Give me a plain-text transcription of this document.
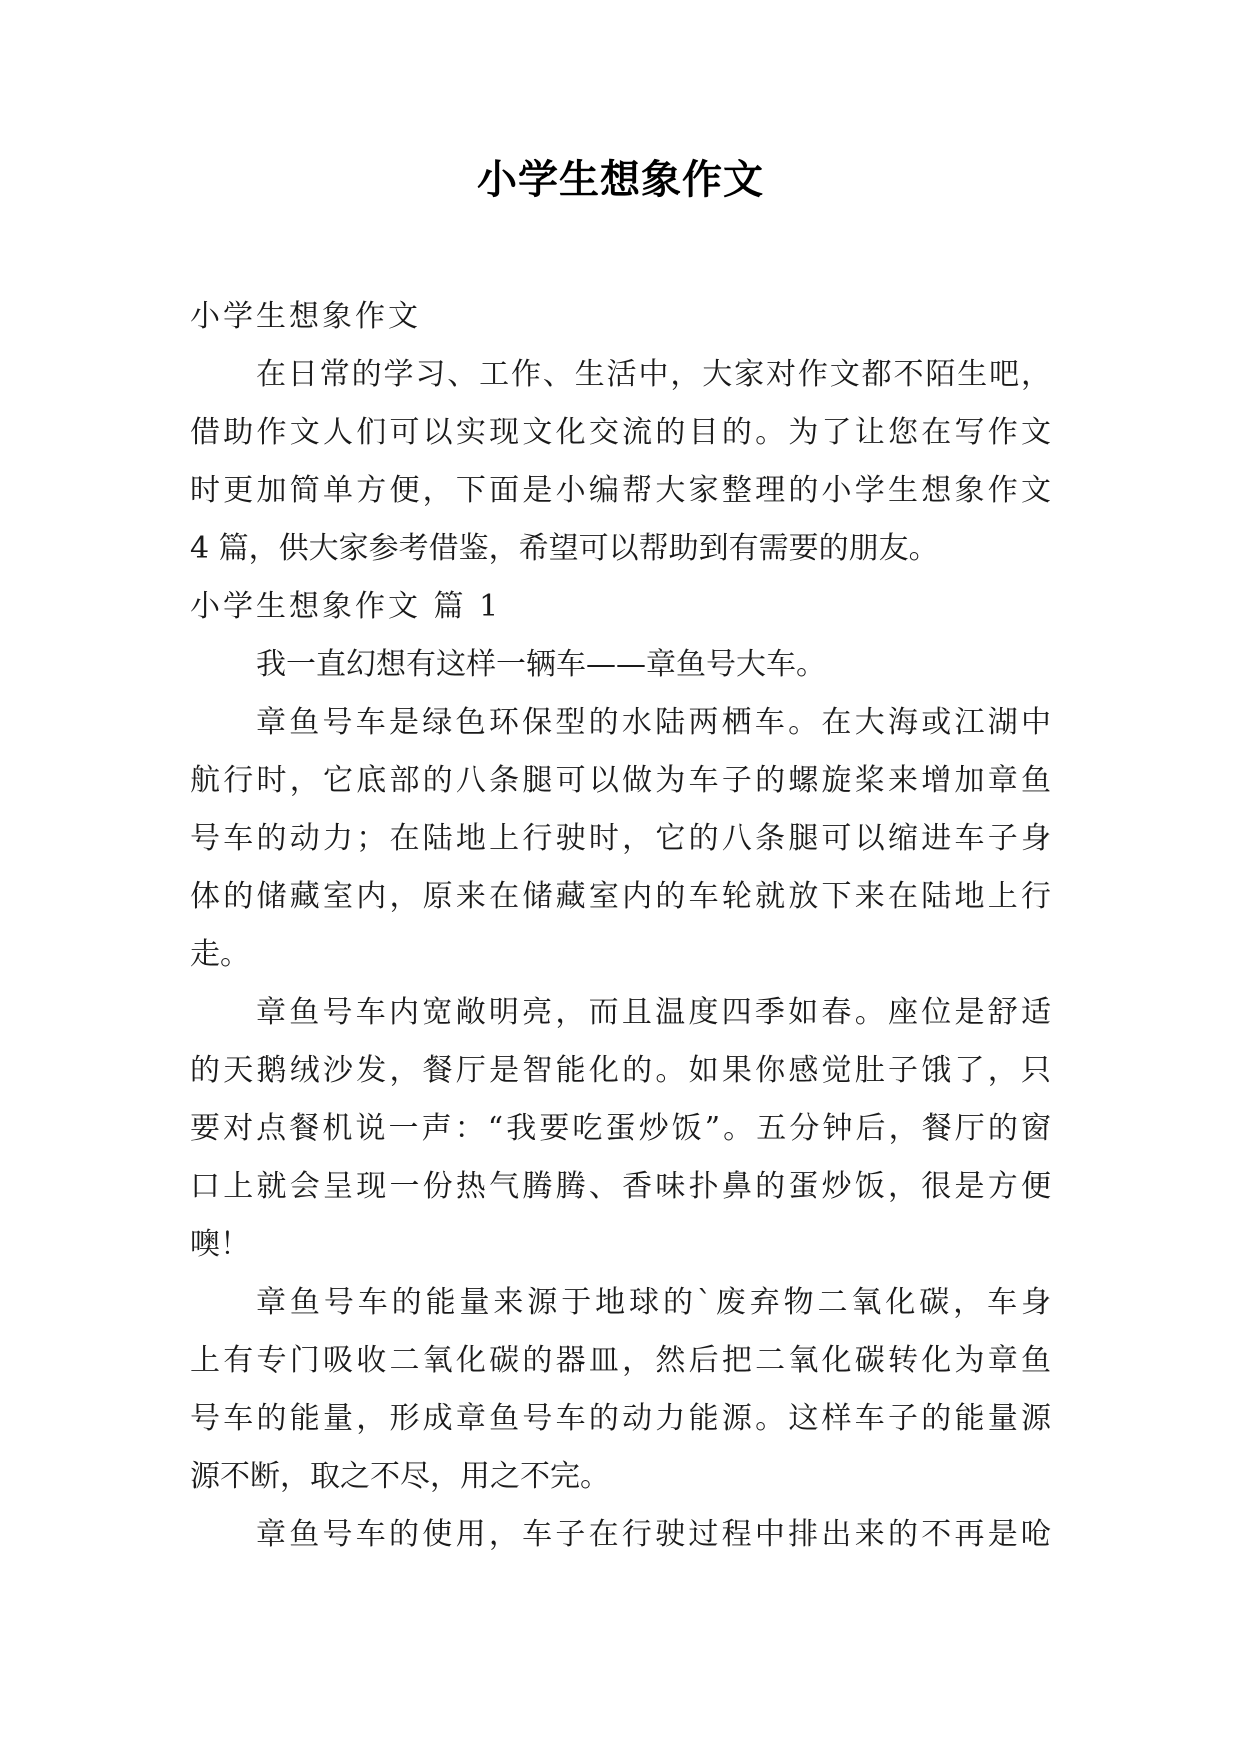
小学生想象作文
小学生想象作文
在日常的学习、工作、生活中，大家对作文都不陌生吧，
借助作文人们可以实现文化交流的目的。为了让您在写作文
时更加简单方便，下面是小编帮大家整理的小学生想象作文
4 篇，供大家参考借鉴，希望可以帮助到有需要的朋友。
小学生想象作文 篇 1
我一直幻想有这样一辆车——章鱼号大车。
章鱼号车是绿色环保型的水陆两栖车。在大海或江湖中
航行时，它底部的八条腿可以做为车子的螺旋桨来增加章鱼
号车的动力；在陆地上行驶时，它的八条腿可以缩进车子身
体的储藏室内，原来在储藏室内的车轮就放下来在陆地上行
走。
章鱼号车内宽敞明亮，而且温度四季如春。座位是舒适
的天鹅绒沙发，餐厅是智能化的。如果你感觉肚子饿了，只
要对点餐机说一声：“我要吃蛋炒饭”。五分钟后，餐厅的窗
口上就会呈现一份热气腾腾、香味扑鼻的蛋炒饭，很是方便
噢！
章鱼号车的能量来源于地球的`废弃物二氧化碳，车身
上有专门吸收二氧化碳的器皿，然后把二氧化碳转化为章鱼
号车的能量，形成章鱼号车的动力能源。这样车子的能量源
源不断，取之不尽，用之不完。
章鱼号车的使用，车子在行驶过程中排出来的不再是呛
